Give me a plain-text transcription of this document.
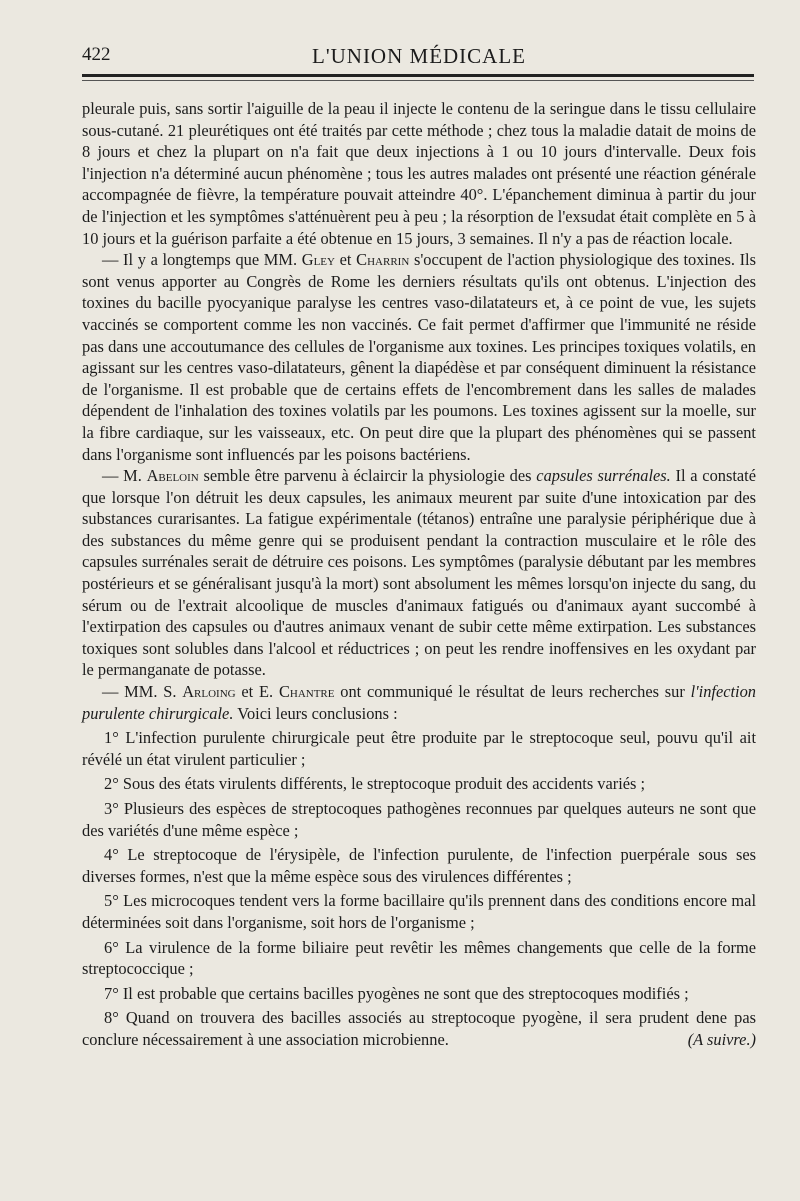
422	L'UNION MÉDICALE

pleurale puis, sans sortir l'aiguille de la peau il injecte le contenu de la seringue dans le tissu cellulaire sous-cutané. 21 pleurétiques ont été traités par cette méthode ; chez tous la maladie datait de moins de 8 jours et chez la plupart on n'a fait que deux injections à 1 ou 10 jours d'intervalle. Deux fois l'injection n'a déterminé aucun phénomène ; tous les autres malades ont présenté une réaction générale accompagnée de fièvre, la température pouvait atteindre 40°. L'épanchement diminua à partir du jour de l'injection et les symptômes s'atténuèrent peu à peu ; la résorption de l'exsudat était complète en 5 à 10 jours et la guérison parfaite a été obtenue en 15 jours, 3 semaines. Il n'y a pas de réaction locale.

— Il y a longtemps que MM. Gley et Charrin s'occupent de l'action physiologique des toxines. Ils sont venus apporter au Congrès de Rome les derniers résultats qu'ils ont obtenus. L'injection des toxines du bacille pyocyanique paralyse les centres vaso-dilatateurs et, à ce point de vue, les sujets vaccinés se comportent comme les non vaccinés. Ce fait permet d'affirmer que l'immunité ne réside pas dans une accoutumance des cellules de l'organisme aux toxines. Les principes toxiques volatils, en agissant sur les centres vaso-dilatateurs, gênent la diapédèse et par conséquent diminuent la résistance de l'organisme. Il est probable que de certains effets de l'encombrement dans les salles de malades dépendent de l'inhalation des toxines volatils par les poumons. Les toxines agissent sur la moelle, sur la fibre cardiaque, sur les vaisseaux, etc. On peut dire que la plupart des phénomènes qui se passent dans l'organisme sont influencés par les poisons bactériens.

— M. Abeloin semble être parvenu à éclaircir la physiologie des capsules surrénales. Il a constaté que lorsque l'on détruit les deux capsules, les animaux meurent par suite d'une intoxication par des substances curarisantes. La fatigue expérimentale (tétanos) entraîne une paralysie périphérique due à des substances du même genre qui se produisent pendant la contraction musculaire et le rôle des capsules surrénales serait de détruire ces poisons. Les symptômes (paralysie débutant par les membres postérieurs et se généralisant jusqu'à la mort) sont absolument les mêmes lorsqu'on injecte du sang, du sérum ou de l'extrait alcoolique de muscles d'animaux fatigués ou d'animaux ayant succombé à l'extirpation des capsules ou d'autres animaux venant de subir cette même extirpation. Les substances toxiques sont solubles dans l'alcool et réductrices ; on peut les rendre inoffensives en les oxydant par le permanganate de potasse.

— MM. S. Arloing et E. Chantre ont communiqué le résultat de leurs recherches sur l'infection purulente chirurgicale. Voici leurs conclusions :

1° L'infection purulente chirurgicale peut être produite par le streptocoque seul, pouvu qu'il ait révélé un état virulent particulier ;

2° Sous des états virulents différents, le streptocoque produit des accidents variés ;

3° Plusieurs des espèces de streptocoques pathogènes reconnues par quelques auteurs ne sont que des variétés d'une même espèce ;

4° Le streptocoque de l'érysipèle, de l'infection purulente, de l'infection puerpérale sous ses diverses formes, n'est que la même espèce sous des virulences différentes ;

5° Les microcoques tendent vers la forme bacillaire qu'ils prennent dans des conditions encore mal déterminées soit dans l'organisme, soit hors de l'organisme ;

6° La virulence de la forme biliaire peut revêtir les mêmes changements que celle de la forme streptococcique ;

7° Il est probable que certains bacilles pyogènes ne sont que des streptocoques modifiés ;

8° Quand on trouvera des bacilles associés au streptocoque pyogène, il sera prudent dene pas conclure nécessairement à une association microbienne.	(A suivre.)
